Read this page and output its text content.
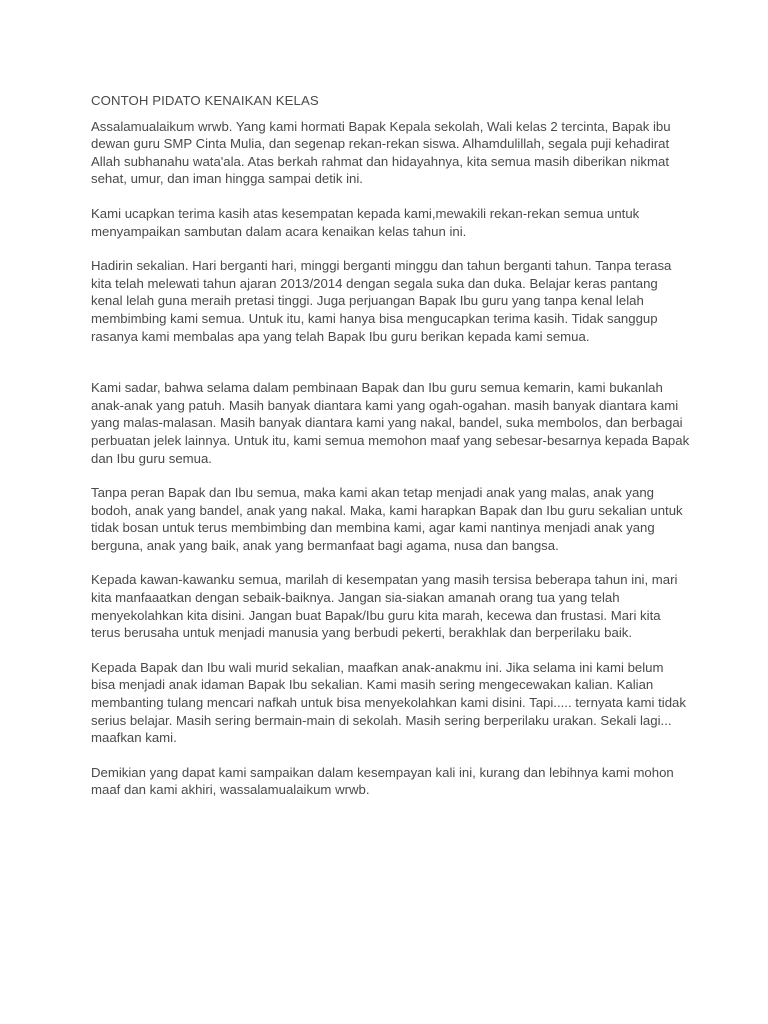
CONTOH PIDATO KENAIKAN KELAS

Assalamualaikum wrwb. Yang kami hormati Bapak Kepala sekolah, Wali kelas 2 tercinta, Bapak ibu dewan guru SMP Cinta Mulia, dan segenap rekan-rekan siswa. Alhamdulillah, segala puji kehadirat Allah subhanahu wata'ala. Atas berkah rahmat dan hidayahnya, kita semua masih diberikan nikmat sehat, umur, dan iman hingga sampai detik ini.

Kami ucapkan terima kasih atas kesempatan kepada kami,mewakili rekan-rekan semua untuk menyampaikan sambutan dalam acara kenaikan kelas tahun ini.

Hadirin sekalian. Hari berganti hari, minggi berganti minggu dan tahun berganti tahun. Tanpa terasa kita telah melewati tahun ajaran 2013/2014 dengan segala suka dan duka. Belajar keras pantang kenal lelah guna meraih pretasi tinggi. Juga perjuangan Bapak Ibu guru yang tanpa kenal lelah membimbing kami semua. Untuk itu, kami hanya bisa mengucapkan terima kasih. Tidak sanggup rasanya kami membalas apa yang telah Bapak Ibu guru berikan kepada kami semua.

Kami sadar, bahwa selama dalam pembinaan Bapak dan Ibu guru semua kemarin, kami bukanlah anak-anak yang patuh. Masih banyak diantara kami yang ogah-ogahan. masih banyak diantara kami yang malas-malasan. Masih banyak diantara kami yang nakal, bandel, suka membolos, dan berbagai perbuatan jelek lainnya. Untuk itu, kami semua memohon maaf yang sebesar-besarnya kepada Bapak dan Ibu guru semua.

Tanpa peran Bapak dan Ibu semua, maka kami akan tetap menjadi anak yang malas, anak yang bodoh, anak yang bandel, anak yang nakal. Maka, kami harapkan Bapak dan Ibu guru sekalian untuk tidak bosan untuk terus membimbing dan membina kami, agar kami nantinya menjadi anak yang berguna, anak yang baik, anak yang bermanfaat bagi agama, nusa dan bangsa.

Kepada kawan-kawanku semua, marilah di kesempatan yang masih tersisa beberapa tahun ini, mari kita manfaaatkan dengan sebaik-baiknya. Jangan sia-siakan amanah orang tua yang telah menyekolahkan kita disini. Jangan buat Bapak/Ibu guru kita marah, kecewa dan frustasi. Mari kita terus berusaha untuk menjadi manusia yang berbudi pekerti, berakhlak dan berperilaku baik.

Kepada Bapak dan Ibu wali murid sekalian, maafkan anak-anakmu ini. Jika selama ini kami belum bisa menjadi anak idaman Bapak Ibu sekalian. Kami masih sering mengecewakan kalian. Kalian membanting tulang mencari nafkah untuk bisa menyekolahkan kami disini. Tapi..... ternyata kami tidak serius belajar. Masih sering bermain-main di sekolah. Masih sering berperilaku urakan. Sekali lagi... maafkan kami.

Demikian yang dapat kami sampaikan dalam kesempayan kali ini, kurang dan lebihnya kami mohon maaf dan kami akhiri, wassalamualaikum wrwb.
